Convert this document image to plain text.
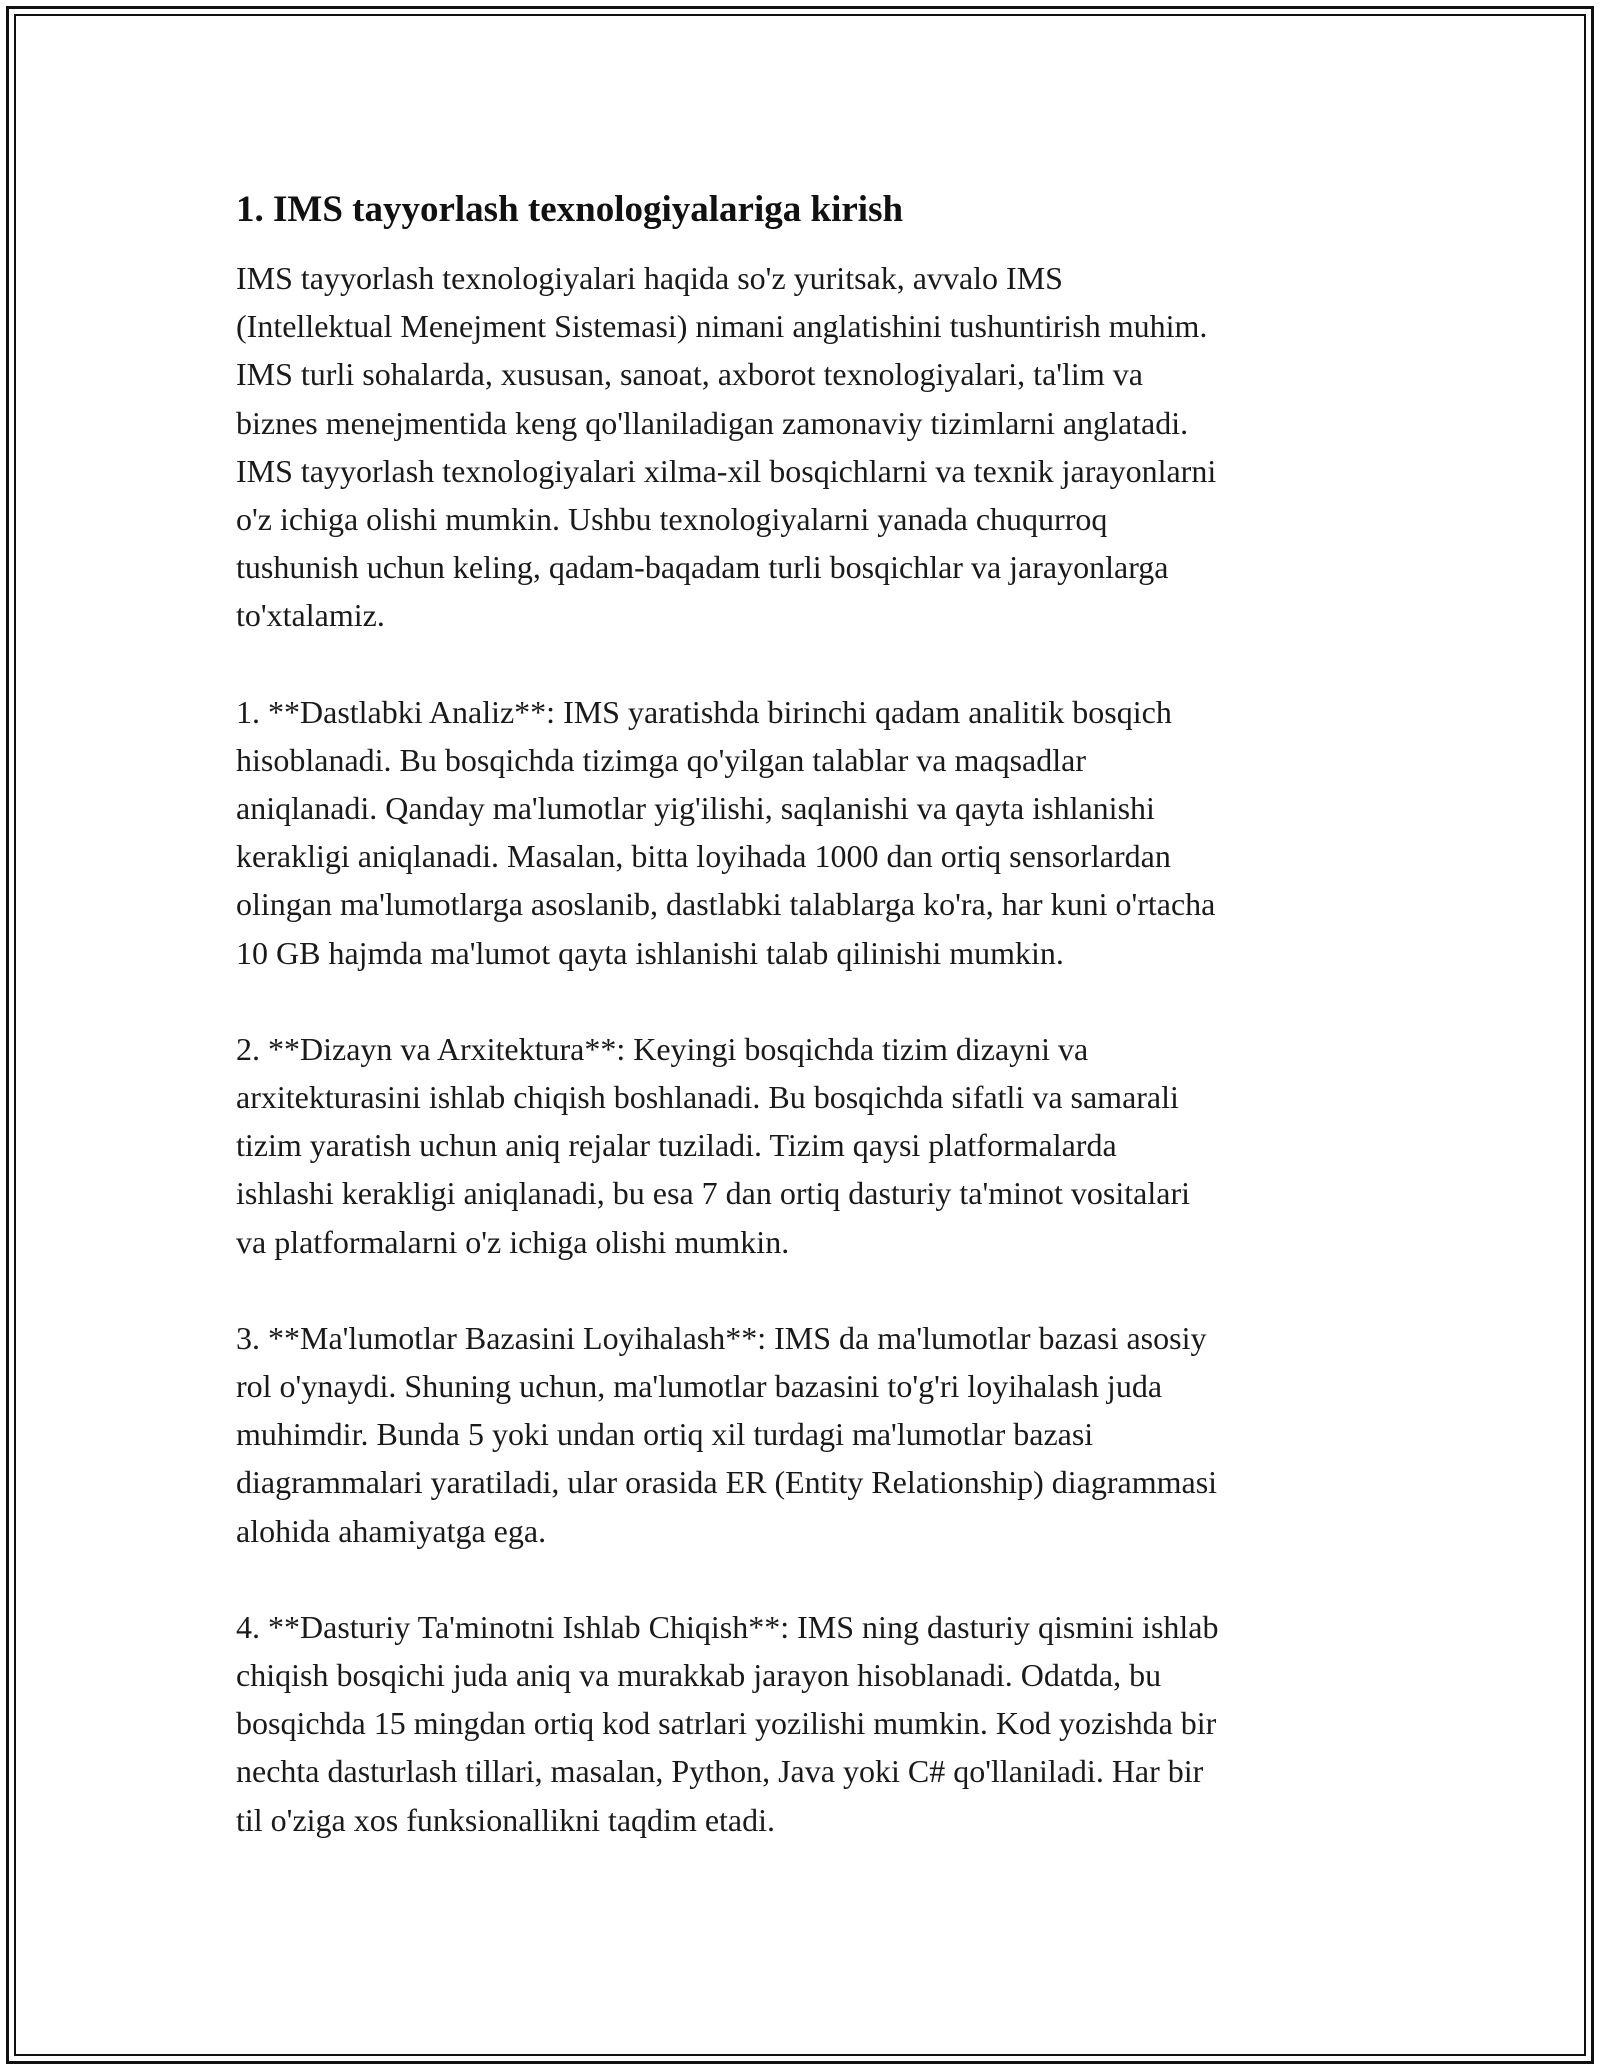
1. IMS tayyorlash texnologiyalariga kirish

IMS tayyorlash texnologiyalari haqida so'z yuritsak, avvalo IMS
(Intellektual Menejment Sistemasi) nimani anglatishini tushuntirish muhim.
IMS turli sohalarda, xususan, sanoat, axborot texnologiyalari, ta'lim va
biznes menejmentida keng qo'llaniladigan zamonaviy tizimlarni anglatadi.
IMS tayyorlash texnologiyalari xilma-xil bosqichlarni va texnik jarayonlarni
o'z ichiga olishi mumkin. Ushbu texnologiyalarni yanada chuqurroq
tushunish uchun keling, qadam-baqadam turli bosqichlar va jarayonlarga
to'xtalamiz.

1. **Dastlabki Analiz**: IMS yaratishda birinchi qadam analitik bosqich
hisoblanadi. Bu bosqichda tizimga qo'yilgan talablar va maqsadlar
aniqlanadi. Qanday ma'lumotlar yig'ilishi, saqlanishi va qayta ishlanishi
kerakligi aniqlanadi. Masalan, bitta loyihada 1000 dan ortiq sensorlardan
olingan ma'lumotlarga asoslanib, dastlabki talablarga ko'ra, har kuni o'rtacha
10 GB hajmda ma'lumot qayta ishlanishi talab qilinishi mumkin.

2. **Dizayn va Arxitektura**: Keyingi bosqichda tizim dizayni va
arxitekturasini ishlab chiqish boshlanadi. Bu bosqichda sifatli va samarali
tizim yaratish uchun aniq rejalar tuziladi. Tizim qaysi platformalarda
ishlashi kerakligi aniqlanadi, bu esa 7 dan ortiq dasturiy ta'minot vositalari
va platformalarni o'z ichiga olishi mumkin.

3. **Ma'lumotlar Bazasini Loyihalash**: IMS da ma'lumotlar bazasi asosiy
rol o'ynaydi. Shuning uchun, ma'lumotlar bazasini to'g'ri loyihalash juda
muhimdir. Bunda 5 yoki undan ortiq xil turdagi ma'lumotlar bazasi
diagrammalari yaratiladi, ular orasida ER (Entity Relationship) diagrammasi
alohida ahamiyatga ega.

4. **Dasturiy Ta'minotni Ishlab Chiqish**: IMS ning dasturiy qismini ishlab
chiqish bosqichi juda aniq va murakkab jarayon hisoblanadi. Odatda, bu
bosqichda 15 mingdan ortiq kod satrlari yozilishi mumkin. Kod yozishda bir
nechta dasturlash tillari, masalan, Python, Java yoki C# qo'llaniladi. Har bir
til o'ziga xos funksionallikni taqdim etadi.
